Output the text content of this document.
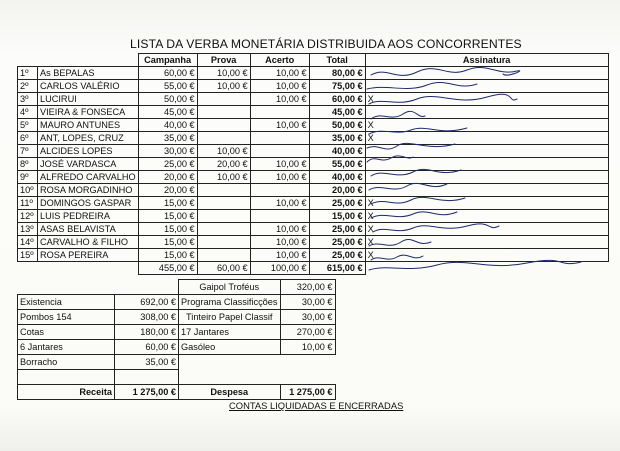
LISTA DA VERBA MONETÁRIA DISTRIBUIDA AOS CONCORRENTES
		Campanha	Prova	Acerto	Total	Assinatura
1º	As BEPALAS	60,00 €	10,00 €	10,00 €	80,00 €	
2º	CARLOS VALÉRIO	55,00 €	10,00 €	10,00 €	75,00 €	
3º	LUCIRUI	50,00 €		10,00 €	60,00 €	X
4º	VIEIRA & FONSECA	45,00 €			45,00 €	
5º	MAURO ANTUNES	40,00 €		10,00 €	50,00 €	X
6º	ANT, LOPES, CRUZ	35,00 €			35,00 €	X
7º	ALCIDES LOPES	30,00 €	10,00 €		40,00 €	
8º	JOSÉ VARDASCA	25,00 €	20,00 €	10,00 €	55,00 €	
9º	ALFREDO CARVALHO	20,00 €	10,00 €	10,00 €	40,00 €	
10º	ROSA MORGADINHO	20,00 €			20,00 €	
11º	DOMINGOS GASPAR	15,00 €		10,00 €	25,00 €	X
12º	LUIS PEDREIRA	15,00 €			15,00 €	X
13º	ASAS BELAVISTA	15,00 €		10,00 €	25,00 €	X
14º	CARVALHO & FILHO	15,00 €		10,00 €	25,00 €	X
15º	ROSA PEREIRA	15,00 €		10,00 €	25,00 €	X
		455,00 €	60,00 €	100,00 €	615,00 €	
		Gaipol Troféus	320,00 €
Existencia	692,00 €	Programa Classificções	30,00 €
Pombos 154	308,00 €	Tinteiro Papel Classif	30,00 €
Cotas	180,00 €	17 Jantares	270,00 €
6 Jantares	60,00 €	Gasóleo	10,00 €
Borracho	35,00 €		

Receita	1 275,00 €	Despesa	1 275,00 €
CONTAS LIQUIDADAS E ENCERRADAS
